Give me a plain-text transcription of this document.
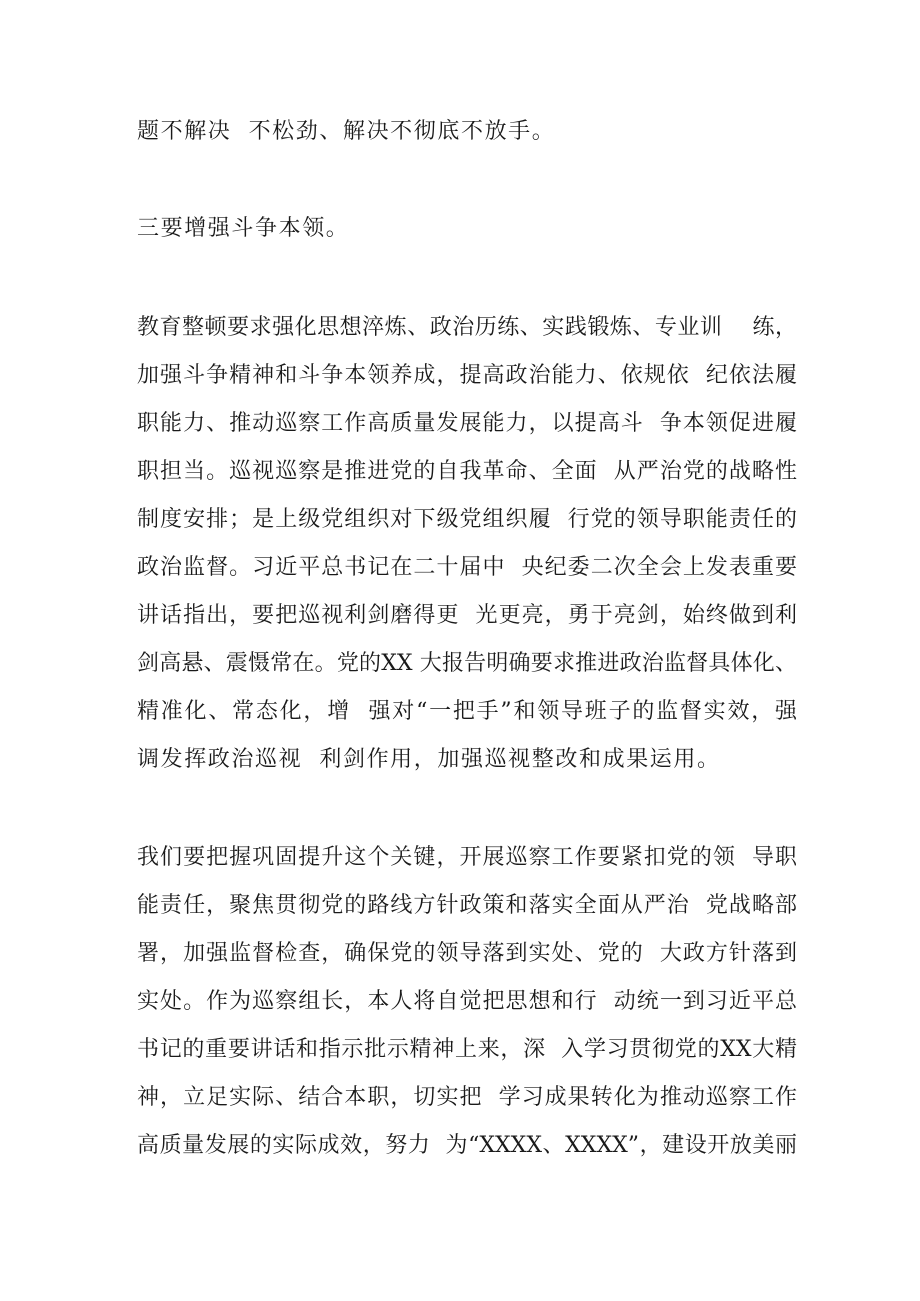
题不解决  不松劲、解决不彻底不放手。
三要增强斗争本领。
教育整顿要求强化思想淬炼、政治历练、实践锻炼、专业训    练，
加强斗争精神和斗争本领养成，提高政治能力、依规依  纪依法履
职能力、推动巡察工作高质量发展能力，以提高斗  争本领促进履
职担当。巡视巡察是推进党的自我革命、全面  从严治党的战略性
制度安排；是上级党组织对下级党组织履  行党的领导职能责任的
政治监督。习近平总书记在二十届中  央纪委二次全会上发表重要
讲话指出，要把巡视利剑磨得更  光更亮，勇于亮剑，始终做到利
剑高悬、震慑常在。党的XX 大报告明确要求推进政治监督具体化、
精准化、常态化，增  强对“一把手”和领导班子的监督实效，强
调发挥政治巡视  利剑作用，加强巡视整改和成果运用。
我们要把握巩固提升这个关键，开展巡察工作要紧扣党的领  导职
能责任，聚焦贯彻党的路线方针政策和落实全面从严治  党战略部
署，加强监督检查，确保党的领导落到实处、党的  大政方针落到
实处。作为巡察组长，本人将自觉把思想和行  动统一到习近平总
书记的重要讲话和指示批示精神上来，深  入学习贯彻党的XX大精
神，立足实际、结合本职，切实把  学习成果转化为推动巡察工作
高质量发展的实际成效，努力  为“XXXX、XXXX”，建设开放美丽
